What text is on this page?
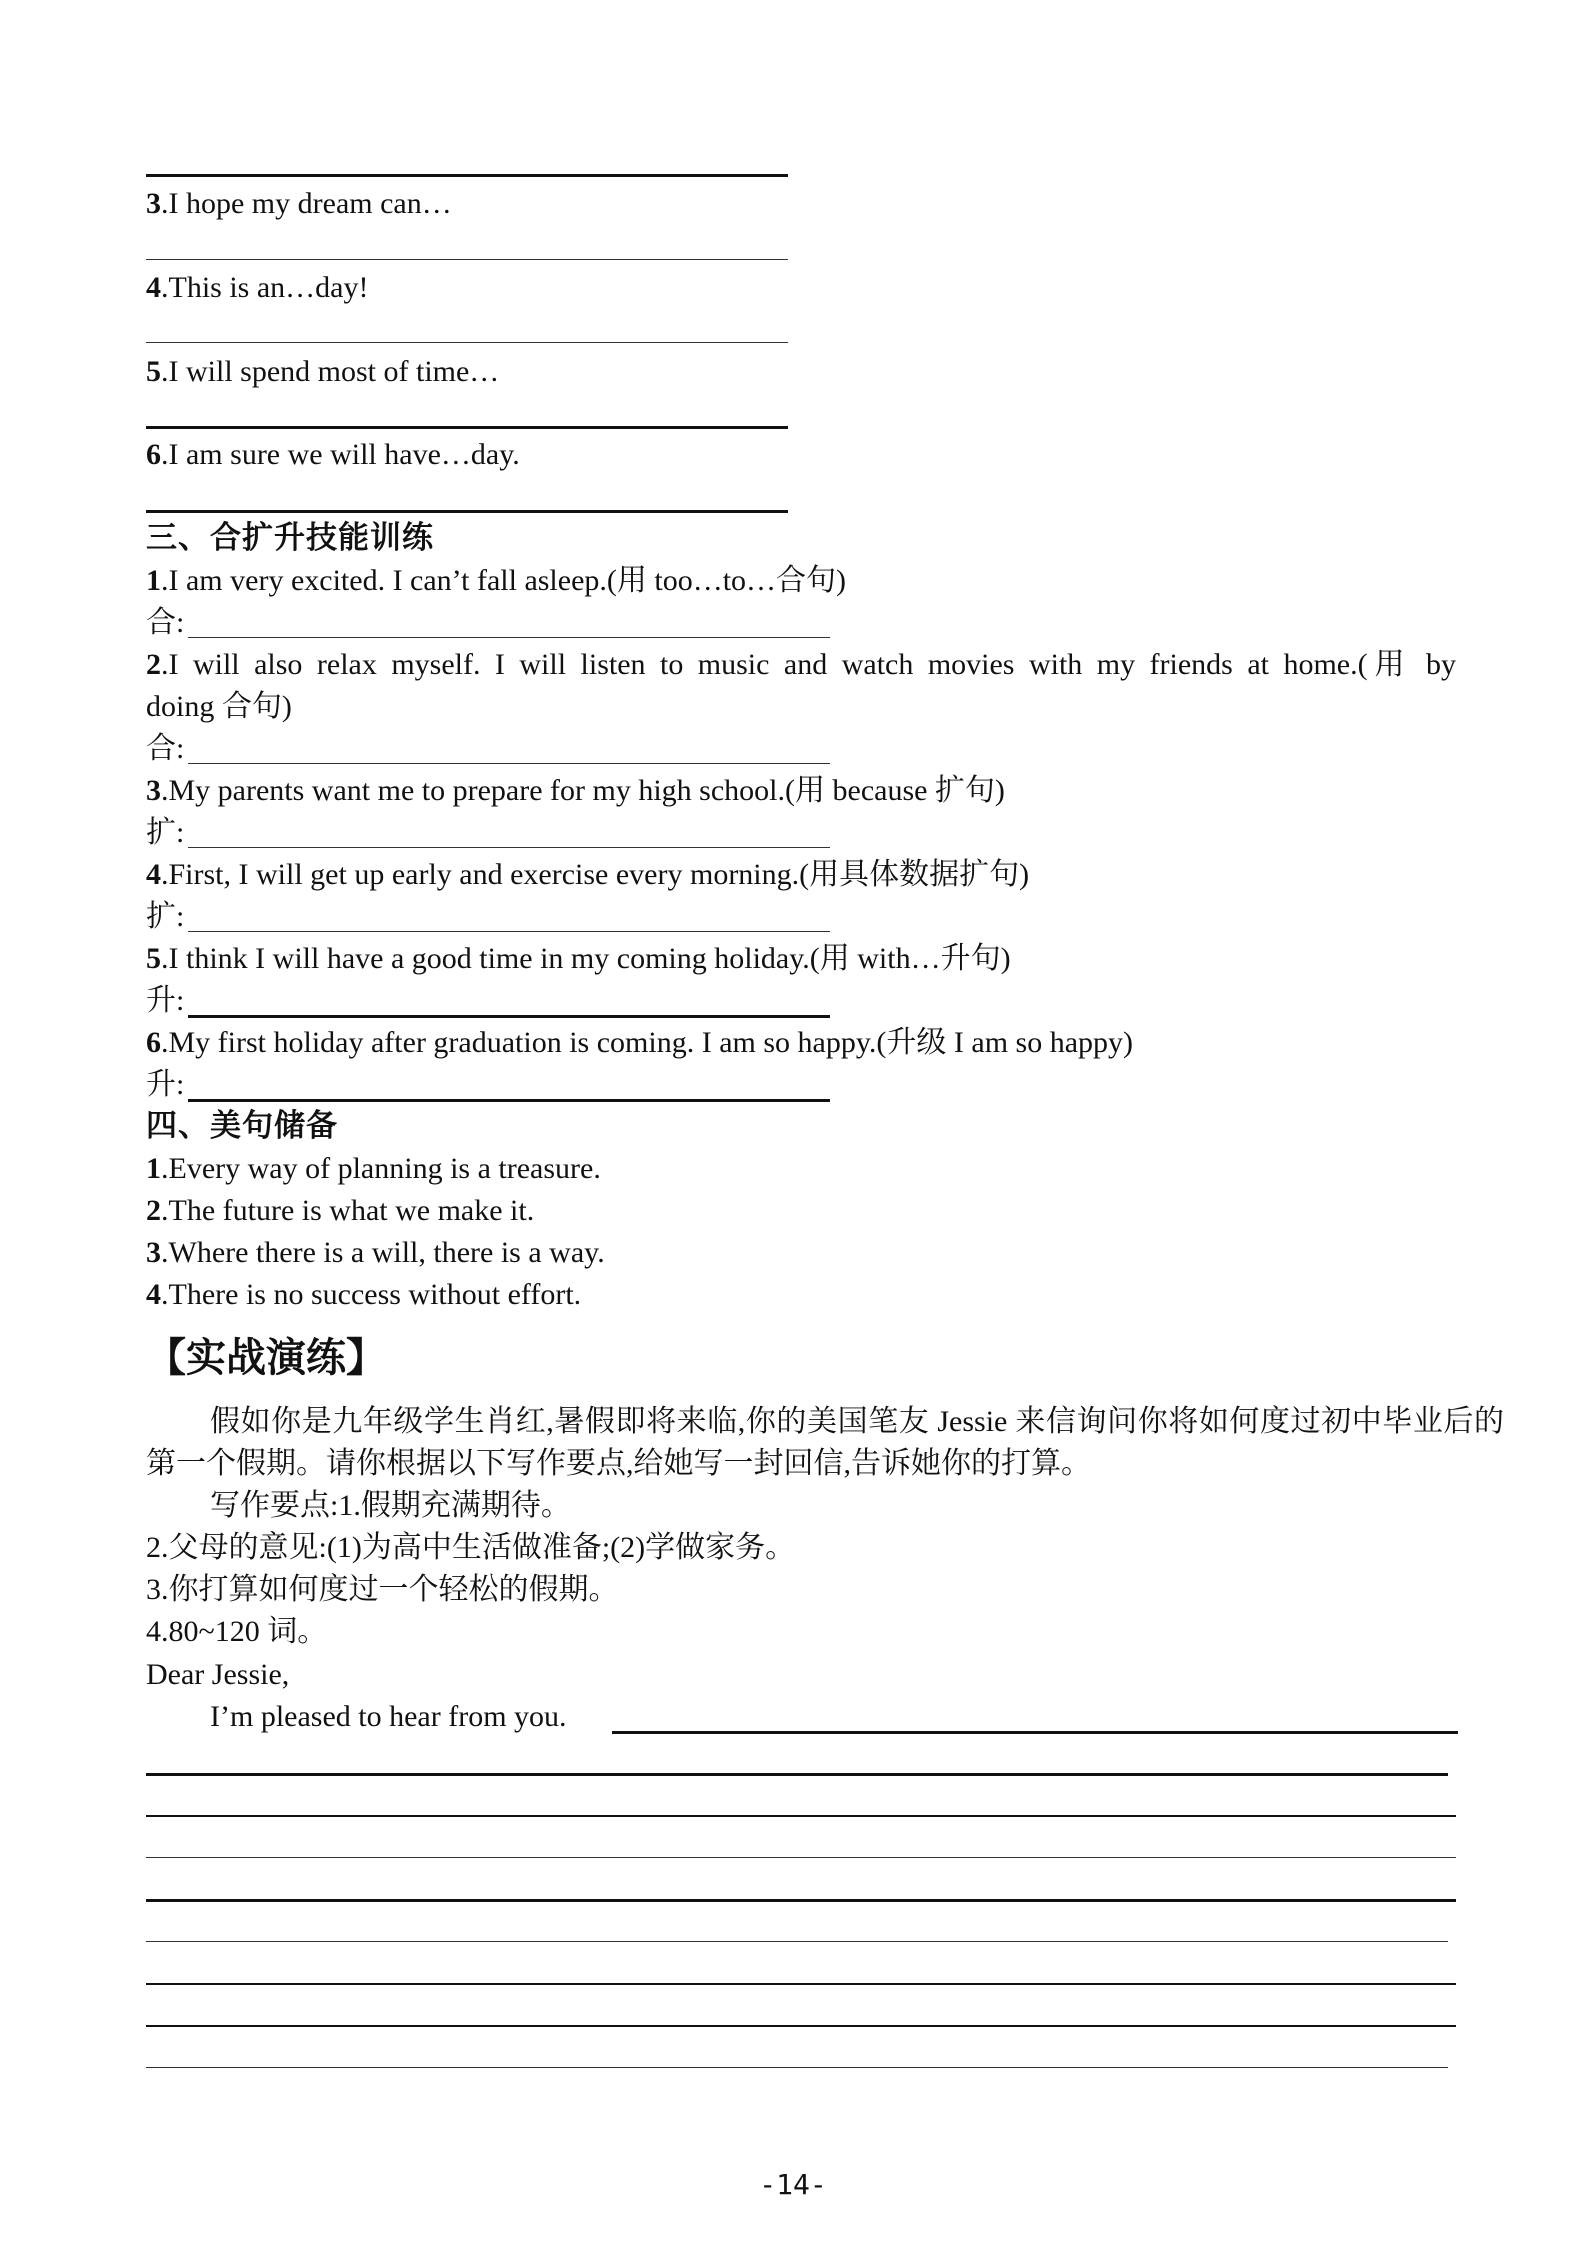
3.I hope my dream can…
4.This is an…day!
5.I will spend most of time…
6.I am sure we will have…day.
三、合扩升技能训练
1.I am very excited. I can’t fall asleep.(用 too…to…合句)
合:
2.I will also relax myself. I will listen to music and watch movies with my friends at home.(用 by
doing 合句)
合:
3.My parents want me to prepare for my high school.(用 because 扩句)
扩:
4.First, I will get up early and exercise every morning.(用具体数据扩句)
扩:
5.I think I will have a good time in my coming holiday.(用 with…升句)
升:
6.My first holiday after graduation is coming. I am so happy.(升级 I am so happy)
升:
四、美句储备
1.Every way of planning is a treasure.
2.The future is what we make it.
3.Where there is a will, there is a way.
4.There is no success without effort.
【实战演练】
假如你是九年级学生肖红,暑假即将来临,你的美国笔友 Jessie 来信询问你将如何度过初中毕业后的第一个假期。请你根据以下写作要点,给她写一封回信,告诉她你的打算。
写作要点:1.假期充满期待。
2.父母的意见:(1)为高中生活做准备;(2)学做家务。
3.你打算如何度过一个轻松的假期。
4.80~120 词。
Dear Jessie,
I’m pleased to hear from you.
-14-
